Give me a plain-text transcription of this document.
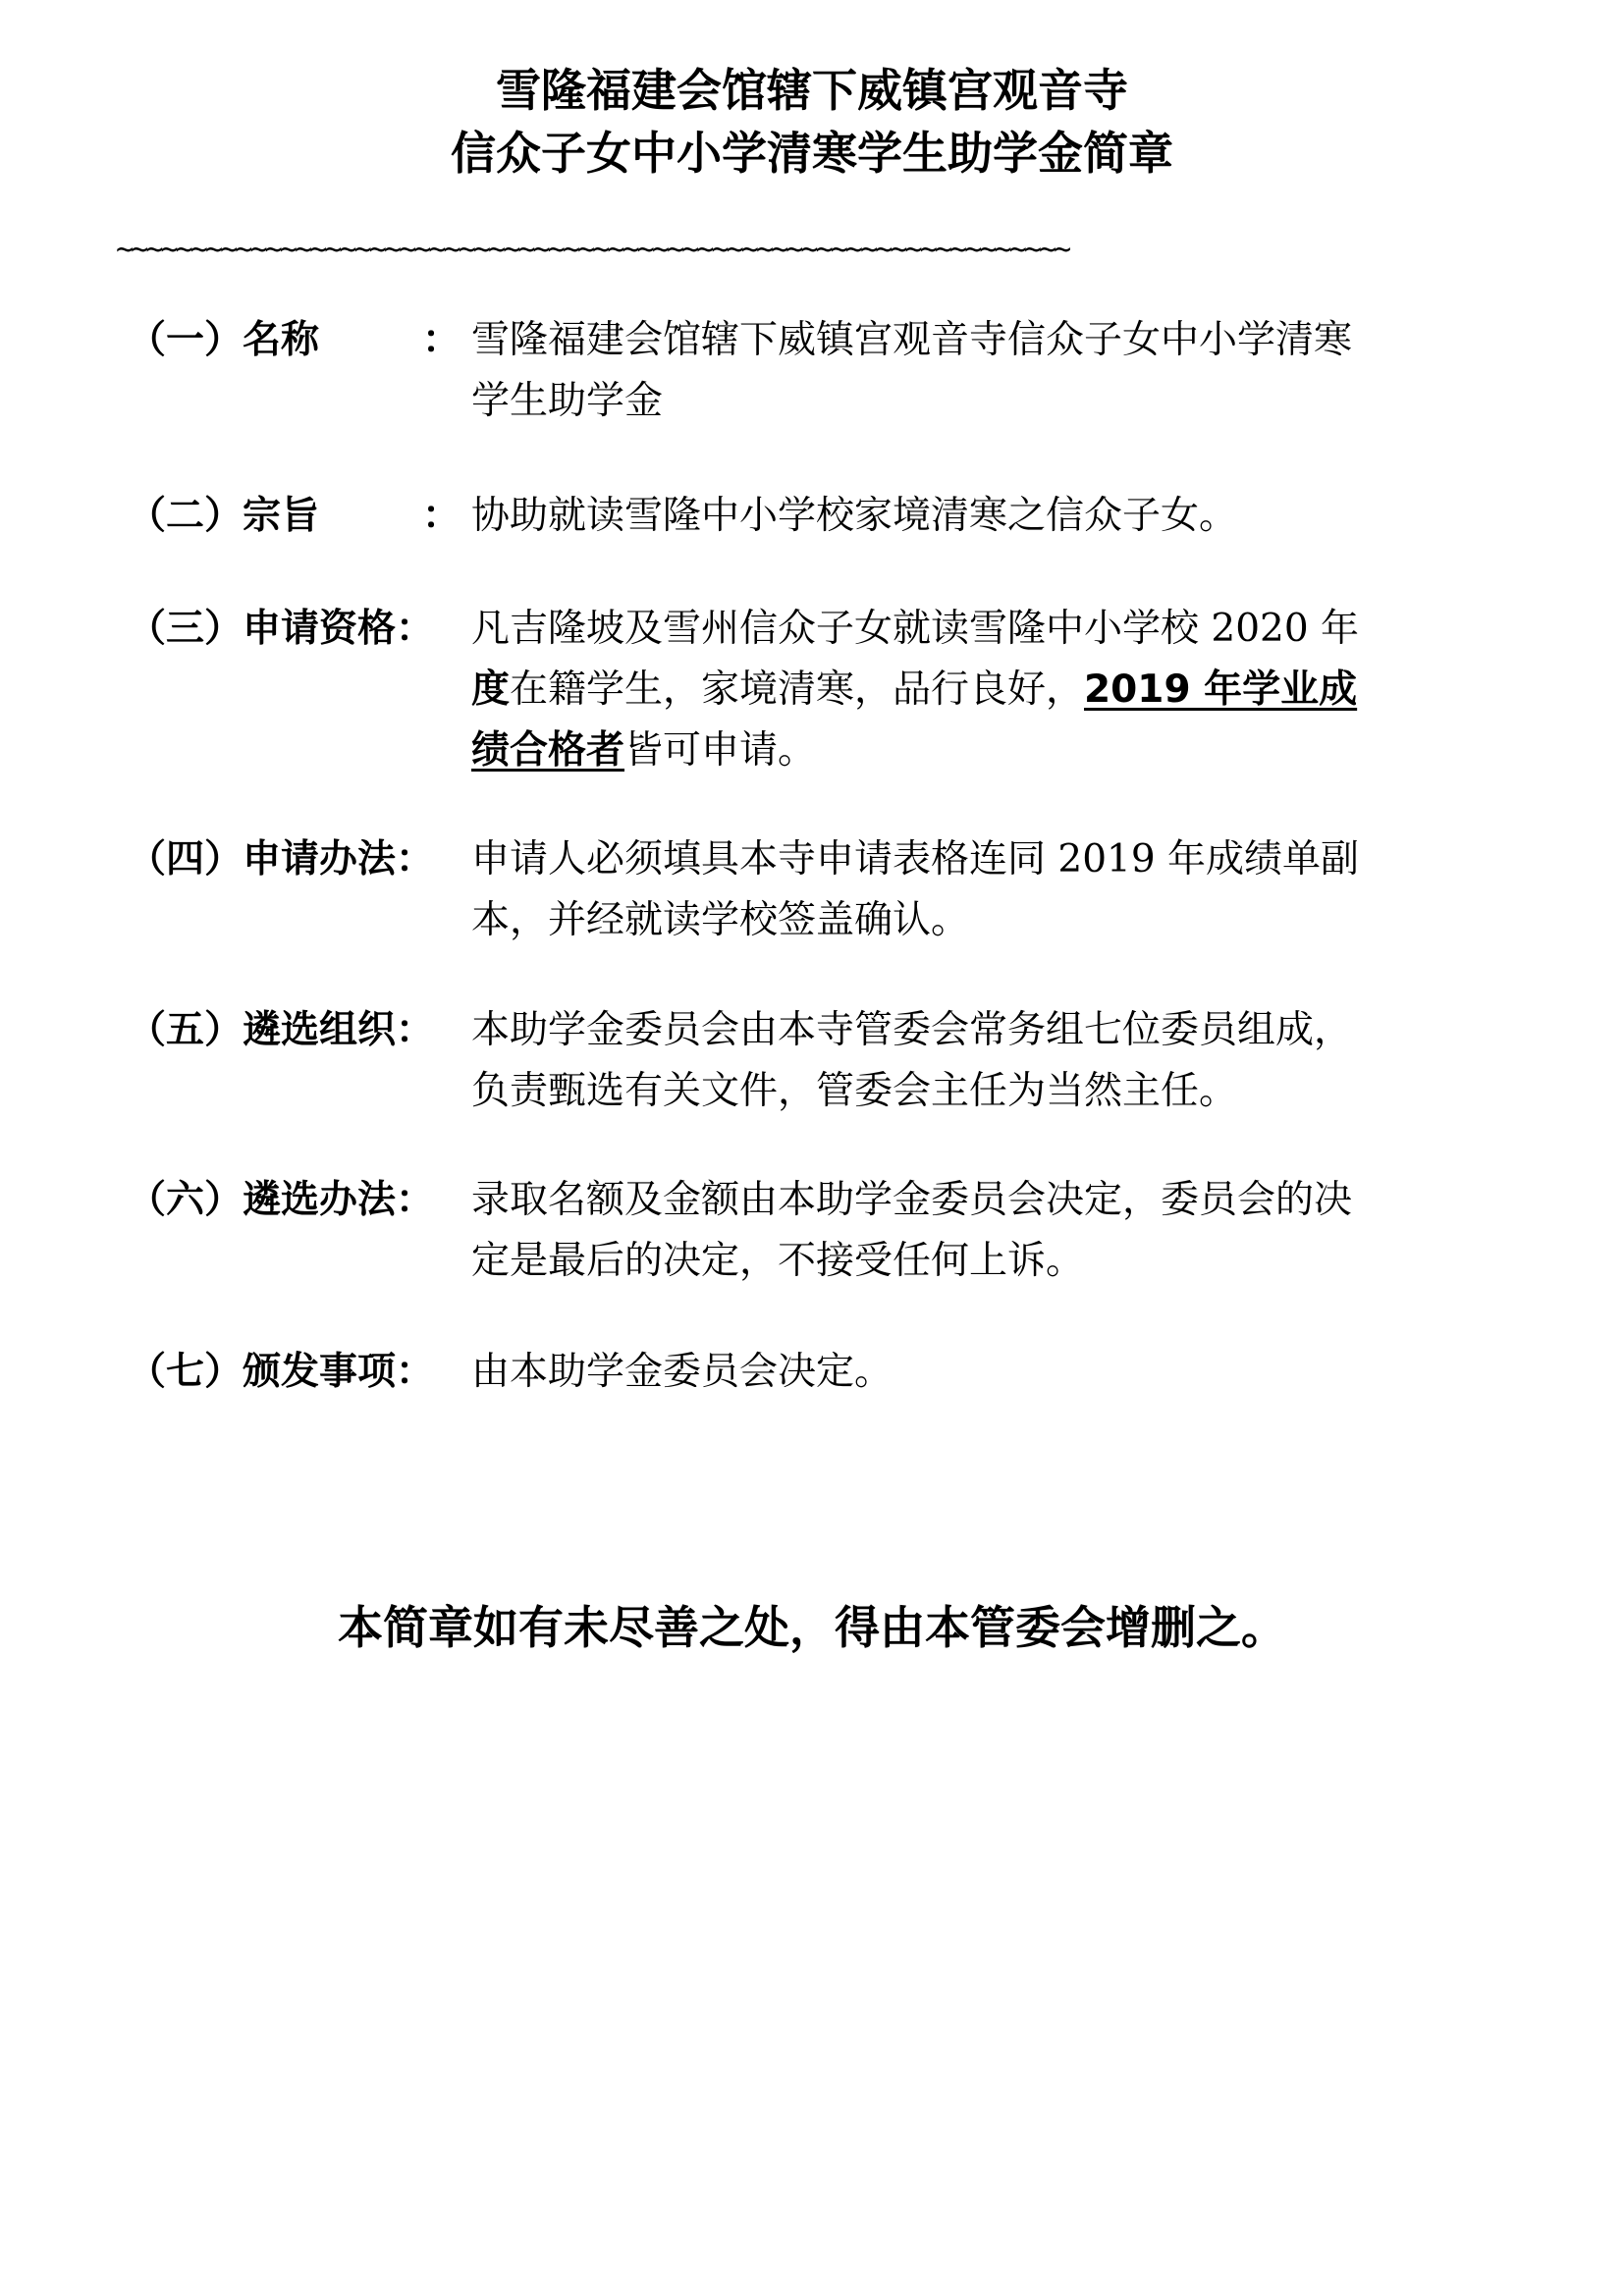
雪隆福建会馆辖下威镇宫观音寺
信众子女中小学清寒学生助学金简章
~~~~~~~~~~~~~~~~~~~~~~~~~~~~~~~~~~~~~~~~~~~~~~~~~~~~~~~~~~~~~~~~
（一）名称	： 雪隆福建会馆辖下威镇宫观音寺信众子女中小学清寒
学生助学金
（二）宗旨	： 协助就读雪隆中小学校家境清寒之信众子女。
（三）申请资格： 凡吉隆坡及雪州信众子女就读雪隆中小学校 2020 年
度在籍学生，家境清寒，品行良好，2019 年学业成
绩合格者皆可申请。
（四）申请办法： 申请人必须填具本寺申请表格连同 2019 年成绩单副
本，并经就读学校签盖确认。
（五）遴选组织： 本助学金委员会由本寺管委会常务组七位委员组成，
负责甄选有关文件，管委会主任为当然主任。
（六）遴选办法： 录取名额及金额由本助学金委员会决定，委员会的决
定是最后的决定，不接受任何上诉。
（七）颁发事项： 由本助学金委员会决定。
本简章如有未尽善之处，得由本管委会增删之。
